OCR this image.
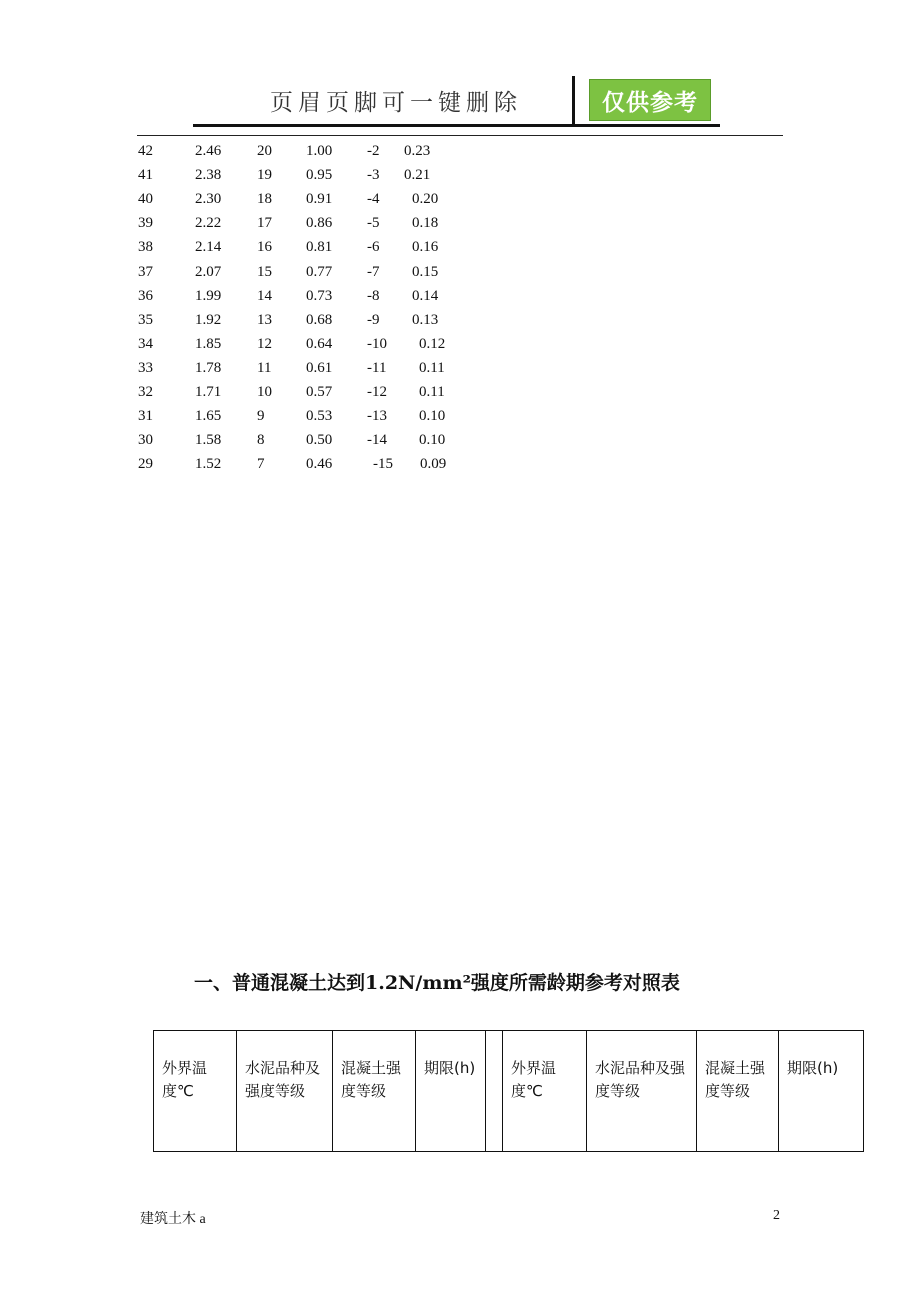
页眉页脚可一键删除	仅供参考
42	2.46 20 1.00 -2 0.23
41	2.38 19 0.95 -3 0.21
40	2.30 18 0.91 -4 0.20
39	2.22 17 0.86 -5 0.18
38	2.14 16 0.81 -6 0.16
37	2.07 15 0.77 -7 0.15
36	1.99 14 0.73 -8 0.14
35	1.92 13 0.68 -9 0.13
34	1.85 12 0.64 -10 0.12
33	1.78 11 0.61 -11 0.11
32	1.71 10 0.57 -12 0.11
31	1.65 9	0.53 -13 0.10
30	1.58 8	0.50 -14 0.10
29	1.52 7	0.46	-15 0.09
一、普通混凝土达到1.2N/mm²强度所需龄期参考对照表
外界温度℃	水泥品种及强度等级	混凝土强度等级	期限(h)		外界温度℃	水泥品种及强度等级	混凝土强度等级	期限(h)
建筑土木 a	2
